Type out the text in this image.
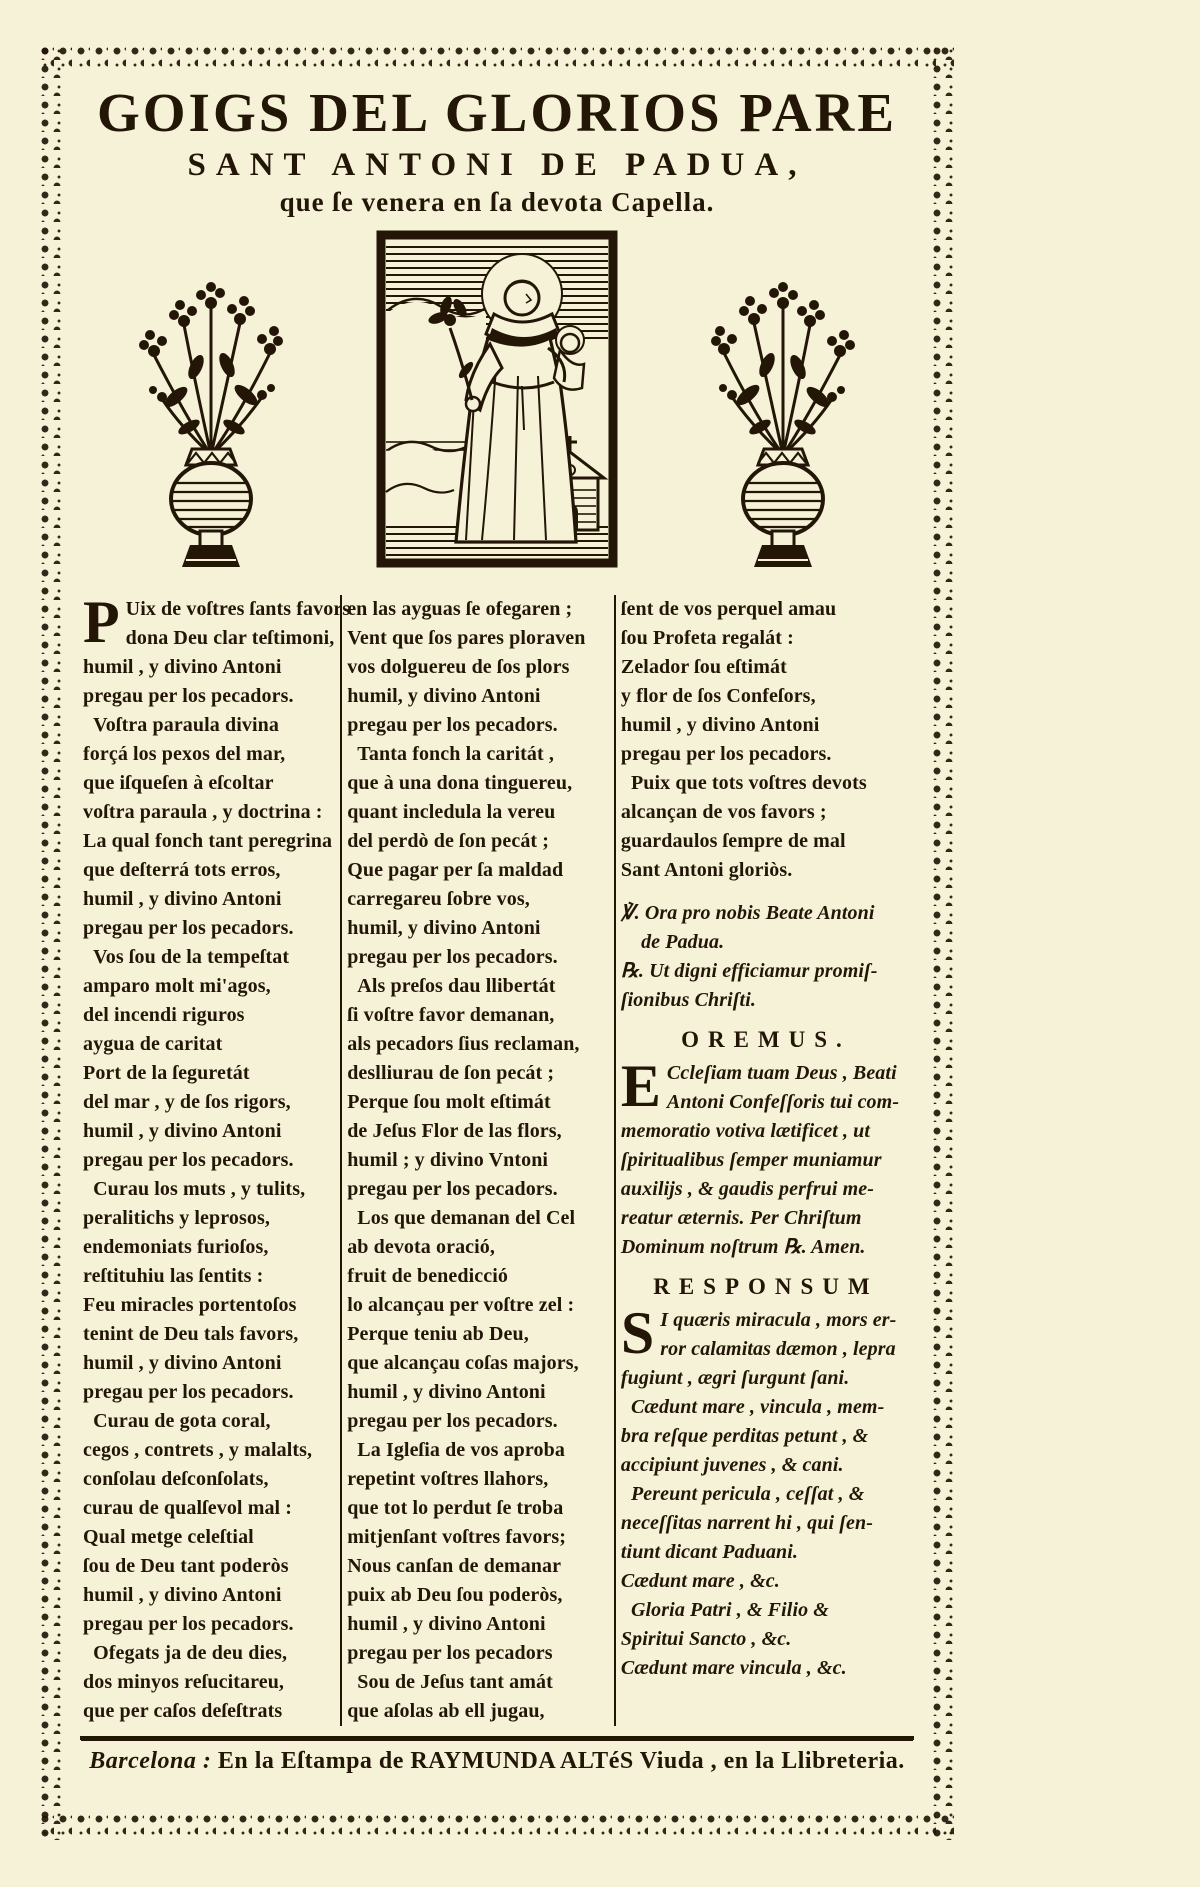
GOIGS DEL GLORIOS PARE
SANT ANTONI DE PADUA,
que ſe venera en ſa devota Capella.
P Uix de voſtres ſants favors
dona Deu clar teſtimoni,
humil , y divino Antoni
pregau per los pecadors.
 Voſtra paraula divina
forçá los pexos del mar,
que iſqueſen à eſcoltar
voſtra paraula , y doctrina :
La qual fonch tant peregrina
que deſterrá tots erros,
humil , y divino Antoni
pregau per los pecadors.
 Vos ſou de la tempeſtat
amparo molt mi'agos,
del incendi riguros
aygua de caritat
Port de la ſeguretát
del mar , y de ſos rigors,
humil , y divino Antoni
pregau per los pecadors.
 Curau los muts , y tulits,
peralitichs y leprosos,
endemoniats furioſos,
reſtituhiu las ſentits :
Feu miracles portentoſos
tenint de Deu tals favors,
humil , y divino Antoni
pregau per los pecadors.
 Curau de gota coral,
cegos , contrets , y malalts,
conſolau deſconſolats,
curau de qualſevol mal :
Qual metge celeſtial
ſou de Deu tant poderòs
humil , y divino Antoni
pregau per los pecadors.
 Ofegats ja de deu dies,
dos minyos reſucitareu,
que per caſos deſeſtrats
en las ayguas ſe ofegaren ;
Vent que ſos pares ploraven
vos dolguereu de ſos plors
humil, y divino Antoni
pregau per los pecadors.
 Tanta fonch la caritát ,
que à una dona tinguereu,
quant incledula la vereu
del perdò de ſon pecát ;
Que pagar per ſa maldad
carregareu ſobre vos,
humil, y divino Antoni
pregau per los pecadors.
 Als preſos dau llibertát
ſi voſtre favor demanan,
als pecadors ſius reclaman,
deslliurau de ſon pecát ;
Perque ſou molt eſtimát
de Jeſus Flor de las flors,
humil ; y divino Vntoni
pregau per los pecadors.
 Los que demanan del Cel
ab devota oració,
fruit de benedicció
lo alcançau per voſtre zel :
Perque teniu ab Deu,
que alcançau coſas majors,
humil , y divino Antoni
pregau per los pecadors.
 La Igleſia de vos aproba
repetint voſtres llahors,
que tot lo perdut ſe troba
mitjenſant voſtres favors;
Nous canſan de demanar
puix ab Deu ſou poderòs,
humil , y divino Antoni
pregau per los pecadors
 Sou de Jeſus tant amát
que aſolas ab ell jugau,
ſent de vos perquel amau
ſou Profeta regalát :
Zelador ſou eſtimát
y flor de ſos Confeſors,
humil , y divino Antoni
pregau per los pecadors.
 Puix que tots voſtres devots
alcançan de vos favors ;
guardaulos ſempre de mal
Sant Antoni gloriòs.
℣. Ora pro nobis Beate Antoni
  de Padua.
℞. Ut digni efficiamur promiſ-
ſionibus Chriſti.
OREMUS.
E Ccleſiam tuam Deus , Beati
Antoni Confeſſoris tui com-
memoratio votiva lætificet , ut
ſpiritualibus ſemper muniamur
auxilijs , & gaudis perfrui me-
reatur æternis. Per Chriſtum
Dominum noſtrum ℞. Amen.
RESPONSUM
S I quæris miracula , mors er-
ror calamitas dæmon , lepra
fugiunt , ægri ſurgunt ſani.
 Cædunt mare , vincula , mem-
bra reſque perditas petunt , &
accipiunt juvenes , & cani.
 Pereunt pericula , ceſſat , &
neceſſitas narrent hi , qui ſen-
tiunt dicant Paduani.
Cædunt mare , &c.
 Gloria Patri , & Filio &
Spiritui Sancto , &c.
Cædunt mare vincula , &c.
Barcelona : En la Eſtampa de RAYMUNDA ALTéS Viuda , en la Llibreteria.
